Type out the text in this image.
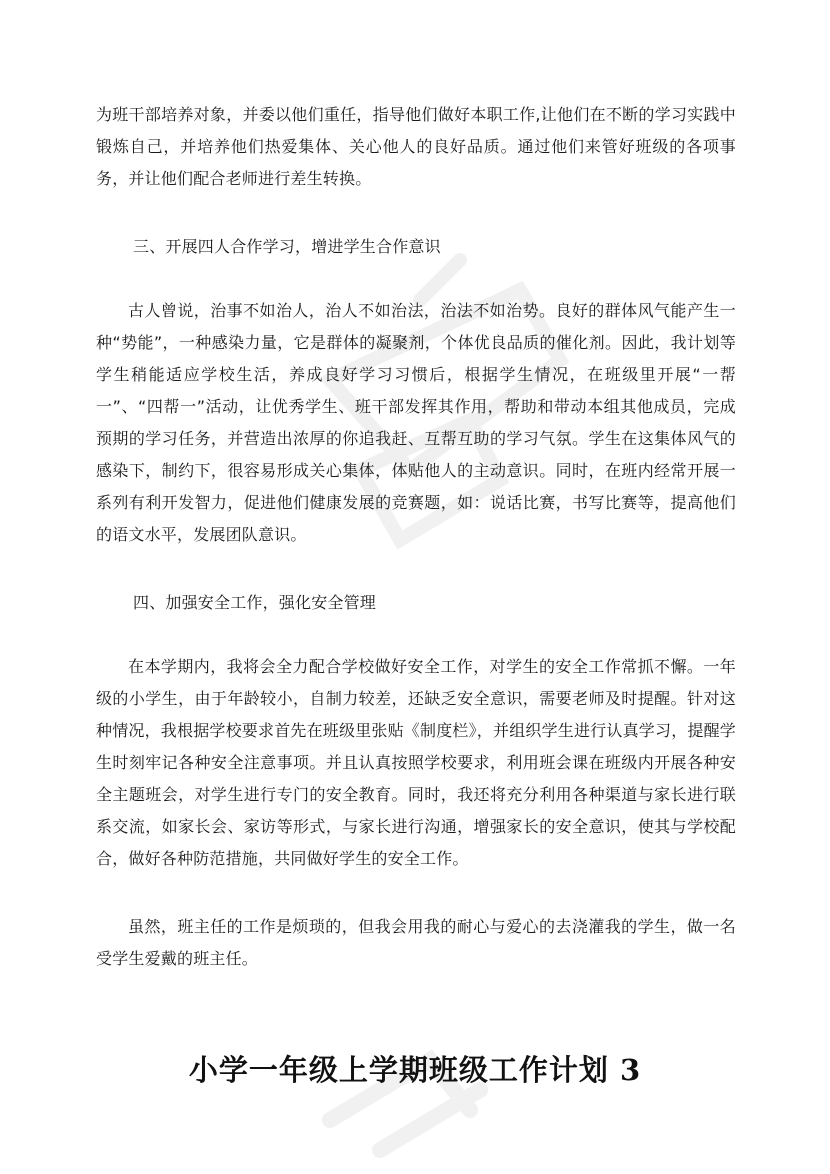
为班干部培养对象，并委以他们重任，指导他们做好本职工作,让他们在不断的学习实践中锻炼自己，并培养他们热爱集体、关心他人的良好品质。通过他们来管好班级的各项事务，并让他们配合老师进行差生转换。

三、开展四人合作学习，增进学生合作意识

古人曾说，治事不如治人，治人不如治法，治法不如治势。良好的群体风气能产生一种“势能”，一种感染力量，它是群体的凝聚剂，个体优良品质的催化剂。因此，我计划等学生稍能适应学校生活，养成良好学习习惯后，根据学生情况，在班级里开展“一帮一”、“四帮一”活动，让优秀学生、班干部发挥其作用，帮助和带动本组其他成员，完成预期的学习任务，并营造出浓厚的你追我赶、互帮互助的学习气氛。学生在这集体风气的感染下，制约下，很容易形成关心集体，体贴他人的主动意识。同时，在班内经常开展一系列有利开发智力，促进他们健康发展的竞赛题，如：说话比赛，书写比赛等，提高他们的语文水平，发展团队意识。

四、加强安全工作，强化安全管理

在本学期内，我将会全力配合学校做好安全工作，对学生的安全工作常抓不懈。一年级的小学生，由于年龄较小，自制力较差，还缺乏安全意识，需要老师及时提醒。针对这种情况，我根据学校要求首先在班级里张贴《制度栏》，并组织学生进行认真学习，提醒学生时刻牢记各种安全注意事项。并且认真按照学校要求，利用班会课在班级内开展各种安全主题班会，对学生进行专门的安全教育。同时，我还将充分利用各种渠道与家长进行联系交流，如家长会、家访等形式，与家长进行沟通，增强家长的安全意识，使其与学校配合，做好各种防范措施，共同做好学生的安全工作。

虽然，班主任的工作是烦琐的，但我会用我的耐心与爱心的去浇灌我的学生，做一名受学生爱戴的班主任。

小学一年级上学期班级工作计划 3
